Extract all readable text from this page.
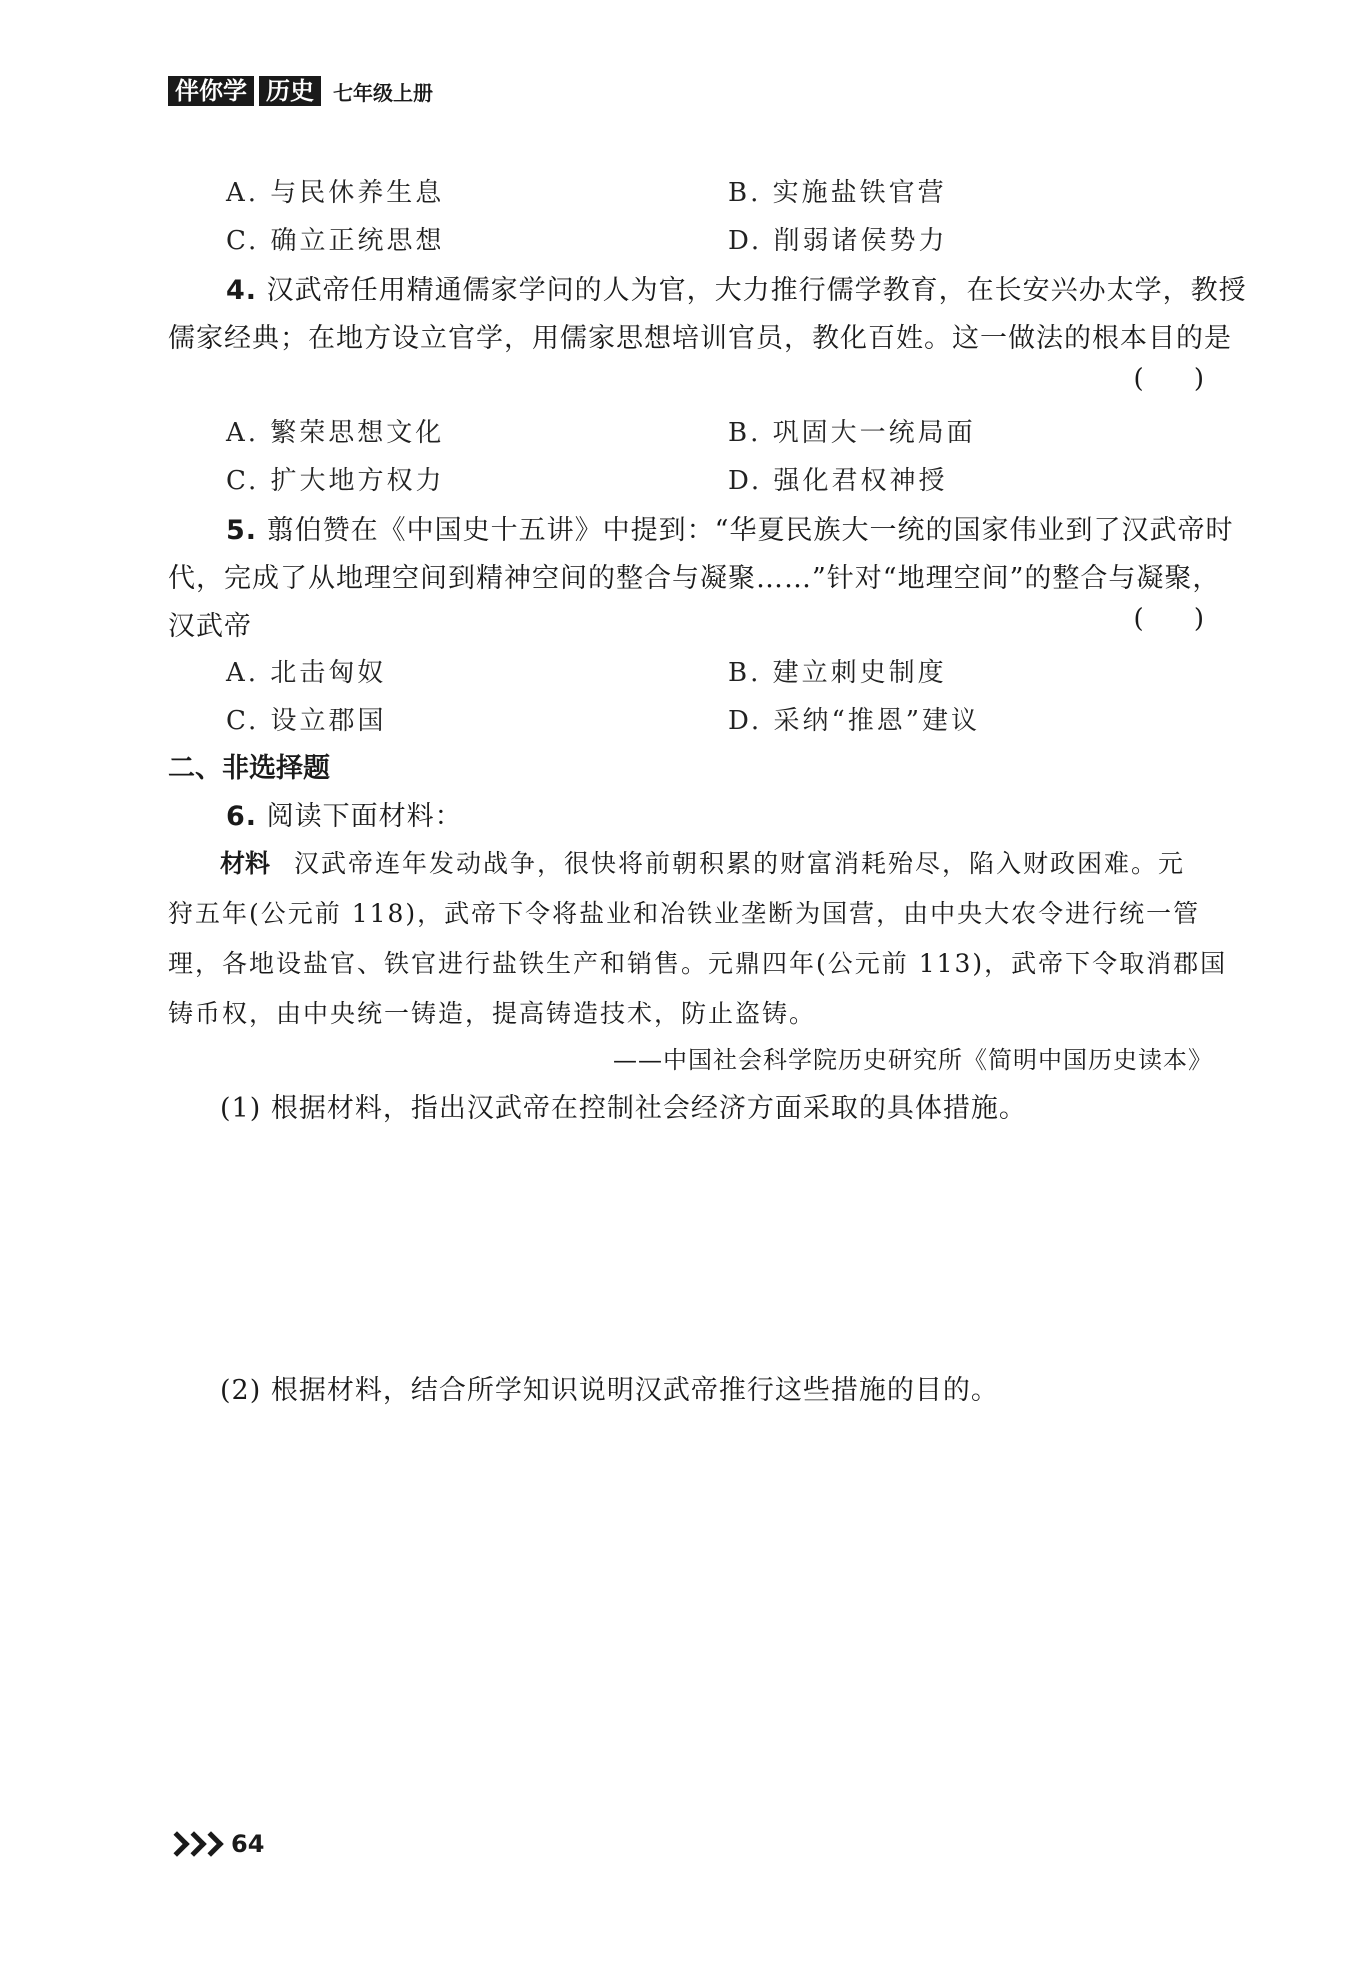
伴你学 历史 七年级上册
A. 与民休养生息	B. 实施盐铁官营
C. 确立正统思想	D. 削弱诸侯势力
4. 汉武帝任用精通儒家学问的人为官，大力推行儒学教育，在长安兴办太学，教授
儒家经典；在地方设立官学，用儒家思想培训官员，教化百姓。这一做法的根本目的是
( )
A. 繁荣思想文化	B. 巩固大一统局面
C. 扩大地方权力	D. 强化君权神授
5. 翦伯赞在《中国史十五讲》中提到：“华夏民族大一统的国家伟业到了汉武帝时
代，完成了从地理空间到精神空间的整合与凝聚……”针对“地理空间”的整合与凝聚，
汉武帝	( )
A. 北击匈奴	B. 建立刺史制度
C. 设立郡国	D. 采纳“推恩”建议
二、非选择题
6. 阅读下面材料：
材料 汉武帝连年发动战争，很快将前朝积累的财富消耗殆尽，陷入财政困难。元
狩五年(公元前 118)，武帝下令将盐业和冶铁业垄断为国营，由中央大农令进行统一管
理，各地设盐官、铁官进行盐铁生产和销售。元鼎四年(公元前 113)，武帝下令取消郡国
铸币权，由中央统一铸造，提高铸造技术，防止盗铸。
——中国社会科学院历史研究所《简明中国历史读本》
(1) 根据材料，指出汉武帝在控制社会经济方面采取的具体措施。
(2) 根据材料，结合所学知识说明汉武帝推行这些措施的目的。
64
